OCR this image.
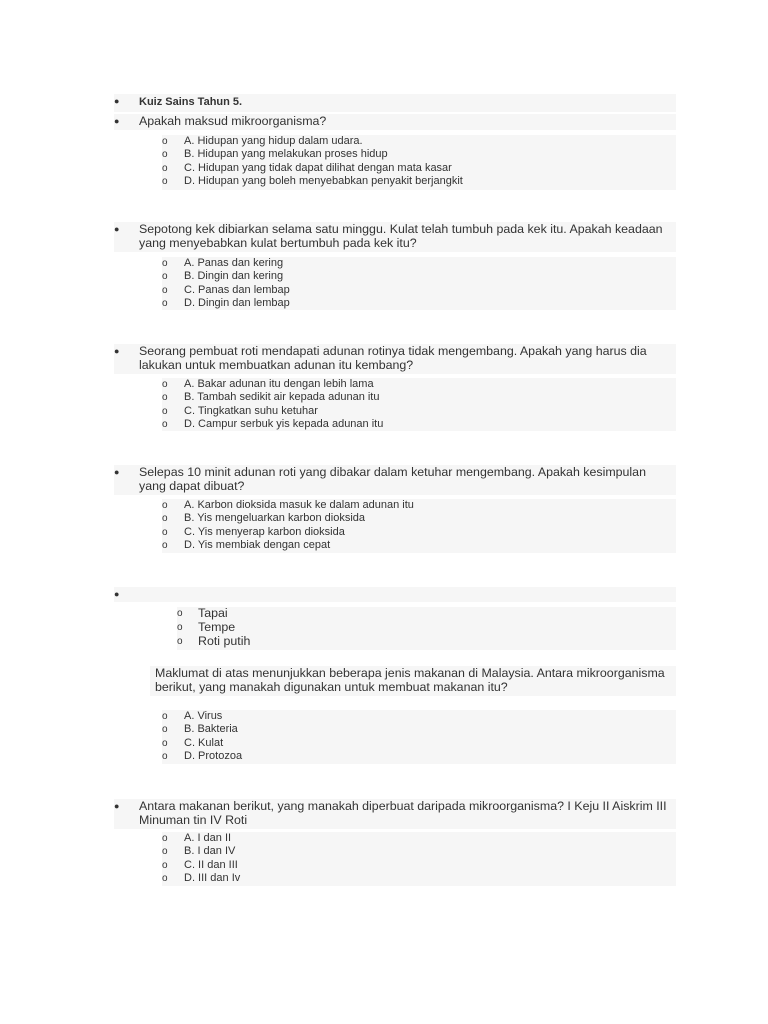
●	Kuiz Sains Tahun 5.
●	Apakah maksud mikroorganisma?
o A. Hidupan yang hidup dalam udara.
o B. Hidupan yang melakukan proses hidup
o C. Hidupan yang tidak dapat dilihat dengan mata kasar
o D. Hidupan yang boleh menyebabkan penyakit berjangkit
●	Sepotong kek dibiarkan selama satu minggu. Kulat telah tumbuh pada kek itu. Apakah keadaan yang menyebabkan kulat bertumbuh pada kek itu?
o A. Panas dan kering
o B. Dingin dan kering
o C. Panas dan lembap
o D. Dingin dan lembap
●	Seorang pembuat roti mendapati adunan rotinya tidak mengembang. Apakah yang harus dia lakukan untuk membuatkan adunan itu kembang?
o A. Bakar adunan itu dengan lebih lama
o B. Tambah sedikit air kepada adunan itu
o C. Tingkatkan suhu ketuhar
o D. Campur serbuk yis kepada adunan itu
●	Selepas 10 minit adunan roti yang dibakar dalam ketuhar mengembang. Apakah kesimpulan yang dapat dibuat?
o A. Karbon dioksida masuk ke dalam adunan itu
o B. Yis mengeluarkan karbon dioksida
o C. Yis menyerap karbon dioksida
o D. Yis membiak dengan cepat
●
o Tapai
o Tempe
o Roti putih
Maklumat di atas menunjukkan beberapa jenis makanan di Malaysia. Antara mikroorganisma berikut, yang manakah digunakan untuk membuat makanan itu?
o A. Virus
o B. Bakteria
o C. Kulat
o D. Protozoa
●	Antara makanan berikut, yang manakah diperbuat daripada mikroorganisma? I Keju II Aiskrim III Minuman tin IV Roti
o A. I dan II
o B. I dan IV
o C. II dan III
o D. III dan Iv
